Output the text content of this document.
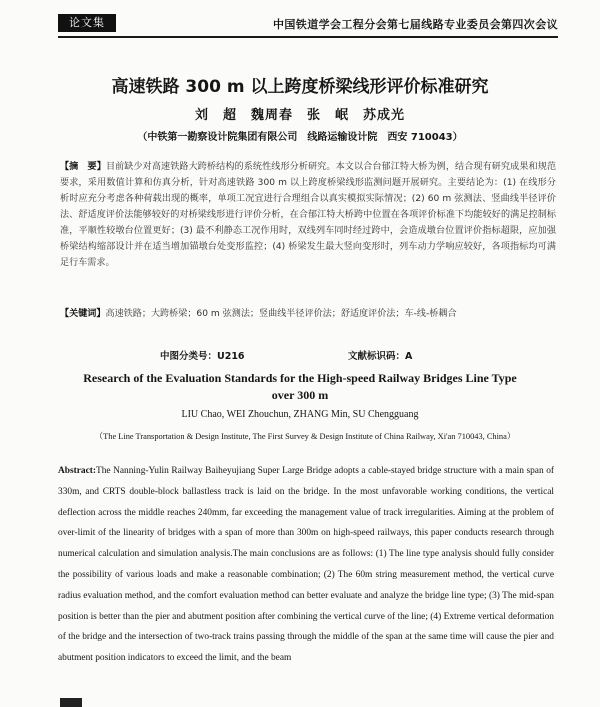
论文集	中国铁道学会工程分会第七届线路专业委员会第四次会议
高速铁路 300 m 以上跨度桥梁线形评价标准研究
刘　超　魏周春　张　岷　苏成光
（中铁第一勘察设计院集团有限公司　线路运输设计院　西安 710043）
【摘　要】目前缺少对高速铁路大跨桥结构的系统性线形分析研究。本文以合台郁江特大桥为例，结合现有研究成果和规范要求，采用数值计算和仿真分析，针对高速铁路 300 m 以上跨度桥梁线形监测问题开展研究。主要结论为：(1) 在线形分析时应充分考虑各种荷载出现的概率，单项工况宜进行合理组合以真实模拟实际情况；(2) 60 m 弦测法、竖曲线半径评价法、舒适度评价法能够较好的对桥梁线形进行评价分析，在合郁江特大桥跨中位置在各项评价标准下均能较好的满足控制标准，平顺性较墩台位置更好；(3) 最不利静态工况作用时，双线列车同时经过跨中，会造成墩台位置评价指标超限，应加强桥梁结构缩部设计并在适当增加锚墩台处变形监控；(4) 桥梁发生最大竖向变形时，列车动力学响应较好，各项指标均可满足行车需求。
【关键词】高速铁路；大跨桥梁；60 m 弦测法；竖曲线半径评价法；舒适度评价法；车-线-桥耦合
中图分类号：U216	文献标识码：A
Research of the Evaluation Standards for the High-speed Railway Bridges Line Type over 300 m
LIU Chao, WEI Zhouchun, ZHANG Min, SU Chengguang
（The Line Transportation & Design Institute, The First Survey & Design Institute of China Railway, Xi'an 710043, China）
Abstract:The Nanning-Yulin Railway Baiheyujiang Super Large Bridge adopts a cable-stayed bridge structure with a main span of 330m, and CRTS double-block ballastless track is laid on the bridge. In the most unfavorable working conditions, the vertical deflection across the middle reaches 240mm, far exceeding the management value of track irregularities. Aiming at the problem of over-limit of the linearity of bridges with a span of more than 300m on high-speed railways, this paper conducts research through numerical calculation and simulation analysis.The main conclusions are as follows: (1) The line type analysis should fully consider the possibility of various loads and make a reasonable combination; (2) The 60m string measurement method, the vertical curve radius evaluation method, and the comfort evaluation method can better evaluate and analyze the bridge line type; (3) The mid-span position is better than the pier and abutment position after combining the vertical curve of the line; (4) Extreme vertical deformation of the bridge and the intersection of two-track trains passing through the middle of the span at the same time will cause the pier and abutment position indicators to exceed the limit, and the beam
